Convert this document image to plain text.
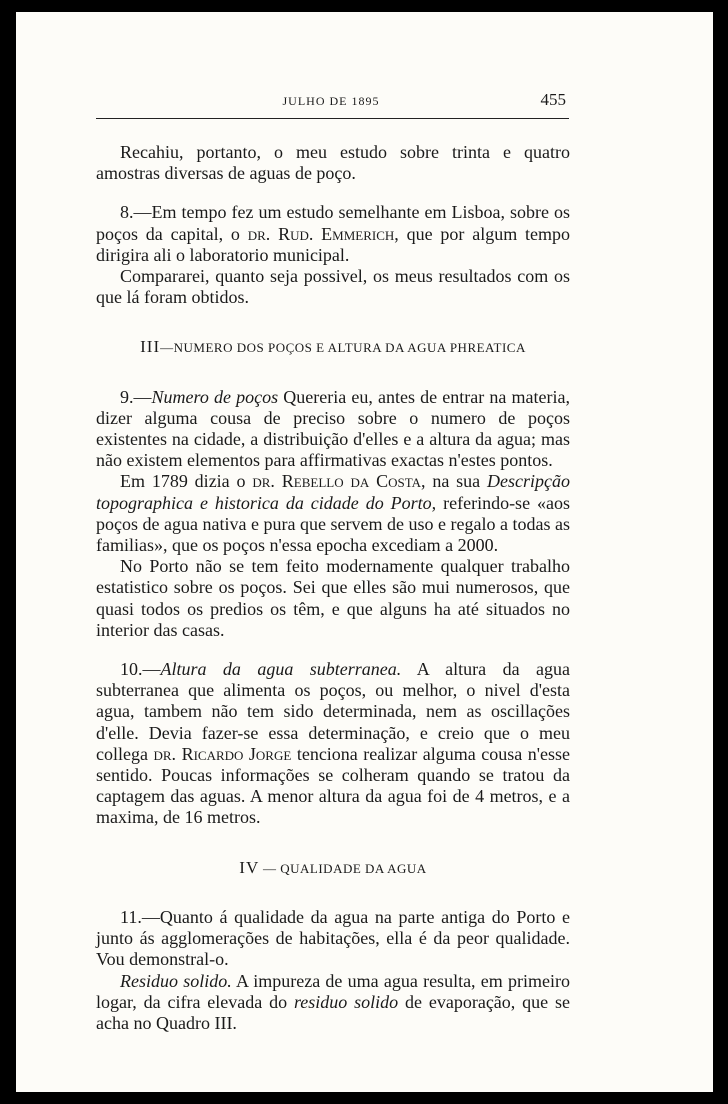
JULHO DE 1895	455

Recahiu, portanto, o meu estudo sobre trinta e quatro amostras diversas de aguas de poço.

8.—Em tempo fez um estudo semelhante em Lisboa, sobre os poços da capital, o dr. Rud. Emmerich, que por algum tempo dirigira ali o laboratorio municipal.

Compararei, quanto seja possivel, os meus resultados com os que lá foram obtidos.

III—NUMERO DOS POÇOS E ALTURA DA AGUA PHREATICA

9.—Numero de poços Quereria eu, antes de entrar na materia, dizer alguma cousa de preciso sobre o numero de poços existentes na cidade, a distribuição d'elles e a altura da agua; mas não existem elementos para affirmativas exactas n'estes pontos.

Em 1789 dizia o dr. Rebello da Costa, na sua Descripção topographica e historica da cidade do Porto, referindo-se «aos poços de agua nativa e pura que servem de uso e regalo a todas as familias», que os poços n'essa epocha excediam a 2000.

No Porto não se tem feito modernamente qualquer trabalho estatistico sobre os poços. Sei que elles são mui numerosos, que quasi todos os predios os têm, e que alguns ha até situados no interior das casas.

10.—Altura da agua subterranea. A altura da agua subterranea que alimenta os poços, ou melhor, o nivel d'esta agua, tambem não tem sido determinada, nem as oscillações d'elle. Devia fazer-se essa determinação, e creio que o meu collega dr. Ricardo Jorge tenciona realizar alguma cousa n'esse sentido. Poucas informações se colheram quando se tratou da captagem das aguas. A menor altura da agua foi de 4 metros, e a maxima, de 16 metros.

IV — QUALIDADE DA AGUA

11.—Quanto á qualidade da agua na parte antiga do Porto e junto ás agglomerações de habitações, ella é da peor qualidade. Vou demonstral-o.

Residuo solido. A impureza de uma agua resulta, em primeiro logar, da cifra elevada do residuo solido de evaporação, que se acha no Quadro III.
